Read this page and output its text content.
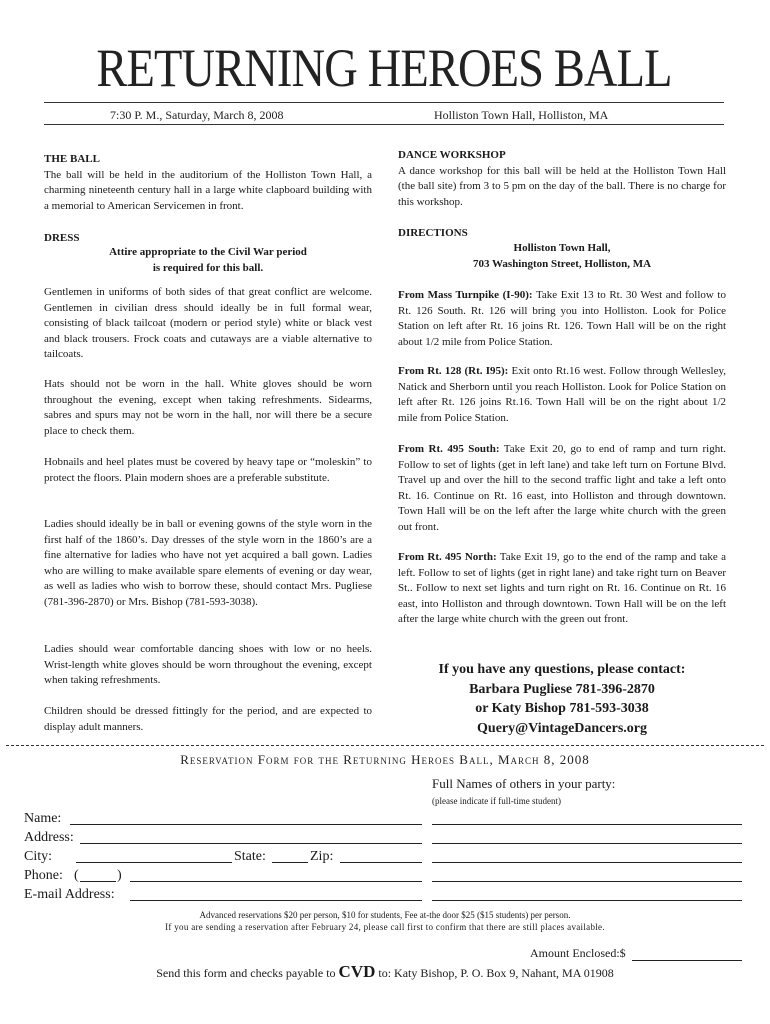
RETURNING HEROES BALL
7:30 P. M., Saturday, March 8, 2008	Holliston Town Hall, Holliston, MA
THE BALL

The ball will be held in the auditorium of the Holliston Town Hall, a charming nineteenth century hall in a large white clapboard building with a memorial to American Servicemen in front.

DRESS
Attire appropriate to the Civil War period
is required for this ball.
Gentlemen in uniforms of both sides of that great conflict are welcome. Gentlemen in civilian dress should ideally be in full formal wear, consisting of black tailcoat (modern or period style) white or black vest and black trousers. Frock coats and cutaways are a viable alternative to tailcoats.
Hats should not be worn in the hall. White gloves should be worn throughout the evening, except when taking refreshments. Sidearms, sabres and spurs may not be worn in the hall, nor will there be a secure place to check them.
Hobnails and heel plates must be covered by heavy tape or “moleskin” to protect the floors. Plain modern shoes are a preferable substitute.
Ladies should ideally be in ball or evening gowns of the style worn in the first half of the 1860’s. Day dresses of the style worn in the 1860’s are a fine alternative for ladies who have not yet acquired a ball gown. Ladies who are willing to make available spare elements of evening or day wear, as well as ladies who wish to borrow these, should contact Mrs. Pugliese (781-396-2870) or Mrs. Bishop (781-593-3038).
Ladies should wear comfortable dancing shoes with low or no heels. Wrist-length white gloves should be worn throughout the evening, except when taking refreshments.
Children should be dressed fittingly for the period, and are expected to display adult manners.
DANCE WORKSHOP

A dance workshop for this ball will be held at the Holliston Town Hall (the ball site) from 3 to 5 pm on the day of the ball. There is no charge for this workshop.

DIRECTIONS
Holliston Town Hall,
703 Washington Street, Holliston, MA
From Mass Turnpike (I-90): Take Exit 13 to Rt. 30 West and follow to Rt. 126 South. Rt. 126 will bring you into Holliston. Look for Police Station on left after Rt. 16 joins Rt. 126. Town Hall will be on the right about 1/2 mile from Police Station.
From Rt. 128 (Rt. I95): Exit onto Rt.16 west. Follow through Wellesley, Natick and Sherborn until you reach Holliston. Look for Police Station on left after Rt. 126 joins Rt.16. Town Hall will be on the right about 1/2 mile from Police Station.
From Rt. 495 South: Take Exit 20, go to end of ramp and turn right. Follow to set of lights (get in left lane) and take left turn on Fortune Blvd. Travel up and over the hill to the second traffic light and take a left onto Rt. 16. Continue on Rt. 16 east, into Holliston and through downtown. Town Hall will be on the left after the large white church with the green out front.
From Rt. 495 North: Take Exit 19, go to the end of the ramp and take a left. Follow to set of lights (get in right lane) and take right turn on Beaver St.. Follow to next set lights and turn right on Rt. 16. Continue on Rt. 16 east, into Holliston and through downtown. Town Hall will be on the left after the large white church with the green out front.
If you have any questions, please contact:
Barbara Pugliese 781-396-2870
or Katy Bishop 781-593-3038
Query@VintageDancers.org
Reservation Form for the Returning Heroes Ball, March 8, 2008
Full Names of others in your party:
(please indicate if full-time student)
Name:
Address:
City:	State:	Zip:
Phone: (	)
E-mail Address:
Advanced reservations $20 per person, $10 for students, Fee at-the door $25 ($15 students) per person.
If you are sending a reservation after February 24, please call first to confirm that there are still places available.
Amount Enclosed:$
Send this form and checks payable to CVD to: Katy Bishop, P. O. Box 9, Nahant, MA 01908
